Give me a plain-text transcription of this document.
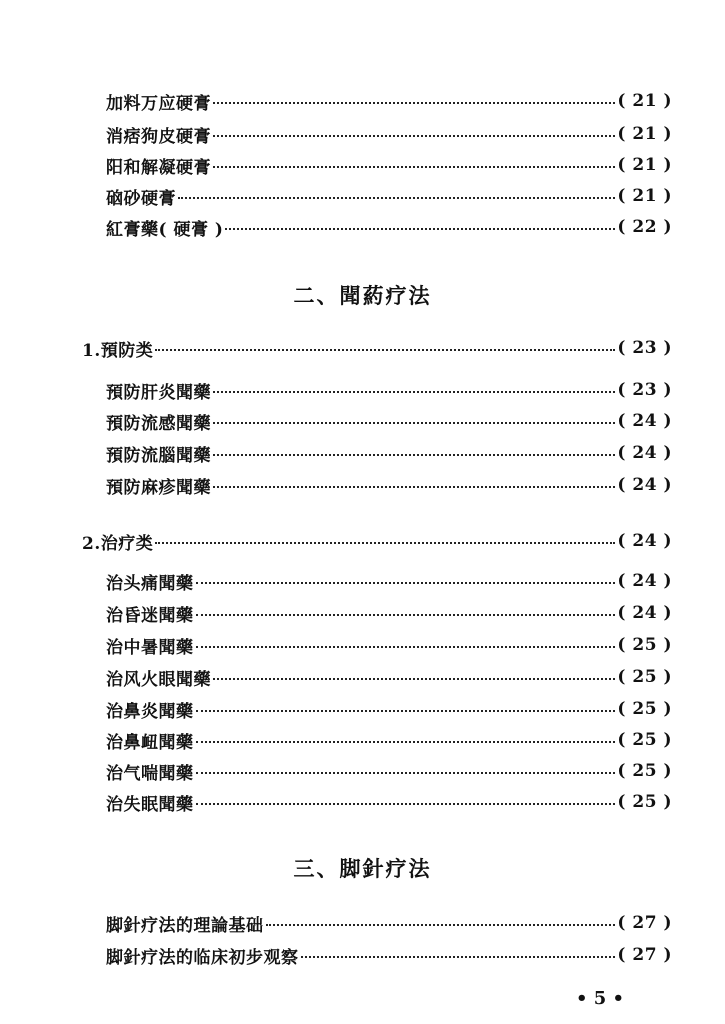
加料万应硬膏	( 21 )
消痞狗皮硬膏	( 21 )
阳和解凝硬膏	( 21 )
硇砂硬膏	( 21 )
紅膏藥( 硬膏 )	( 22 )
二、聞葯疗法
1.預防类	( 23 )
預防肝炎聞藥	( 23 )
預防流感聞藥	( 24 )
預防流腦聞藥	( 24 )
預防麻疹聞藥	( 24 )
2.治疗类	( 24 )
治头痛聞藥	( 24 )
治昏迷聞藥	( 24 )
治中暑聞藥	( 25 )
治风火眼聞藥	( 25 )
治鼻炎聞藥	( 25 )
治鼻衄聞藥	( 25 )
治气喘聞藥	( 25 )
治失眠聞藥	( 25 )
三、脚針疗法
脚針疗法的理論基础	( 27 )
脚針疗法的临床初步观察	( 27 )
• 5 •
